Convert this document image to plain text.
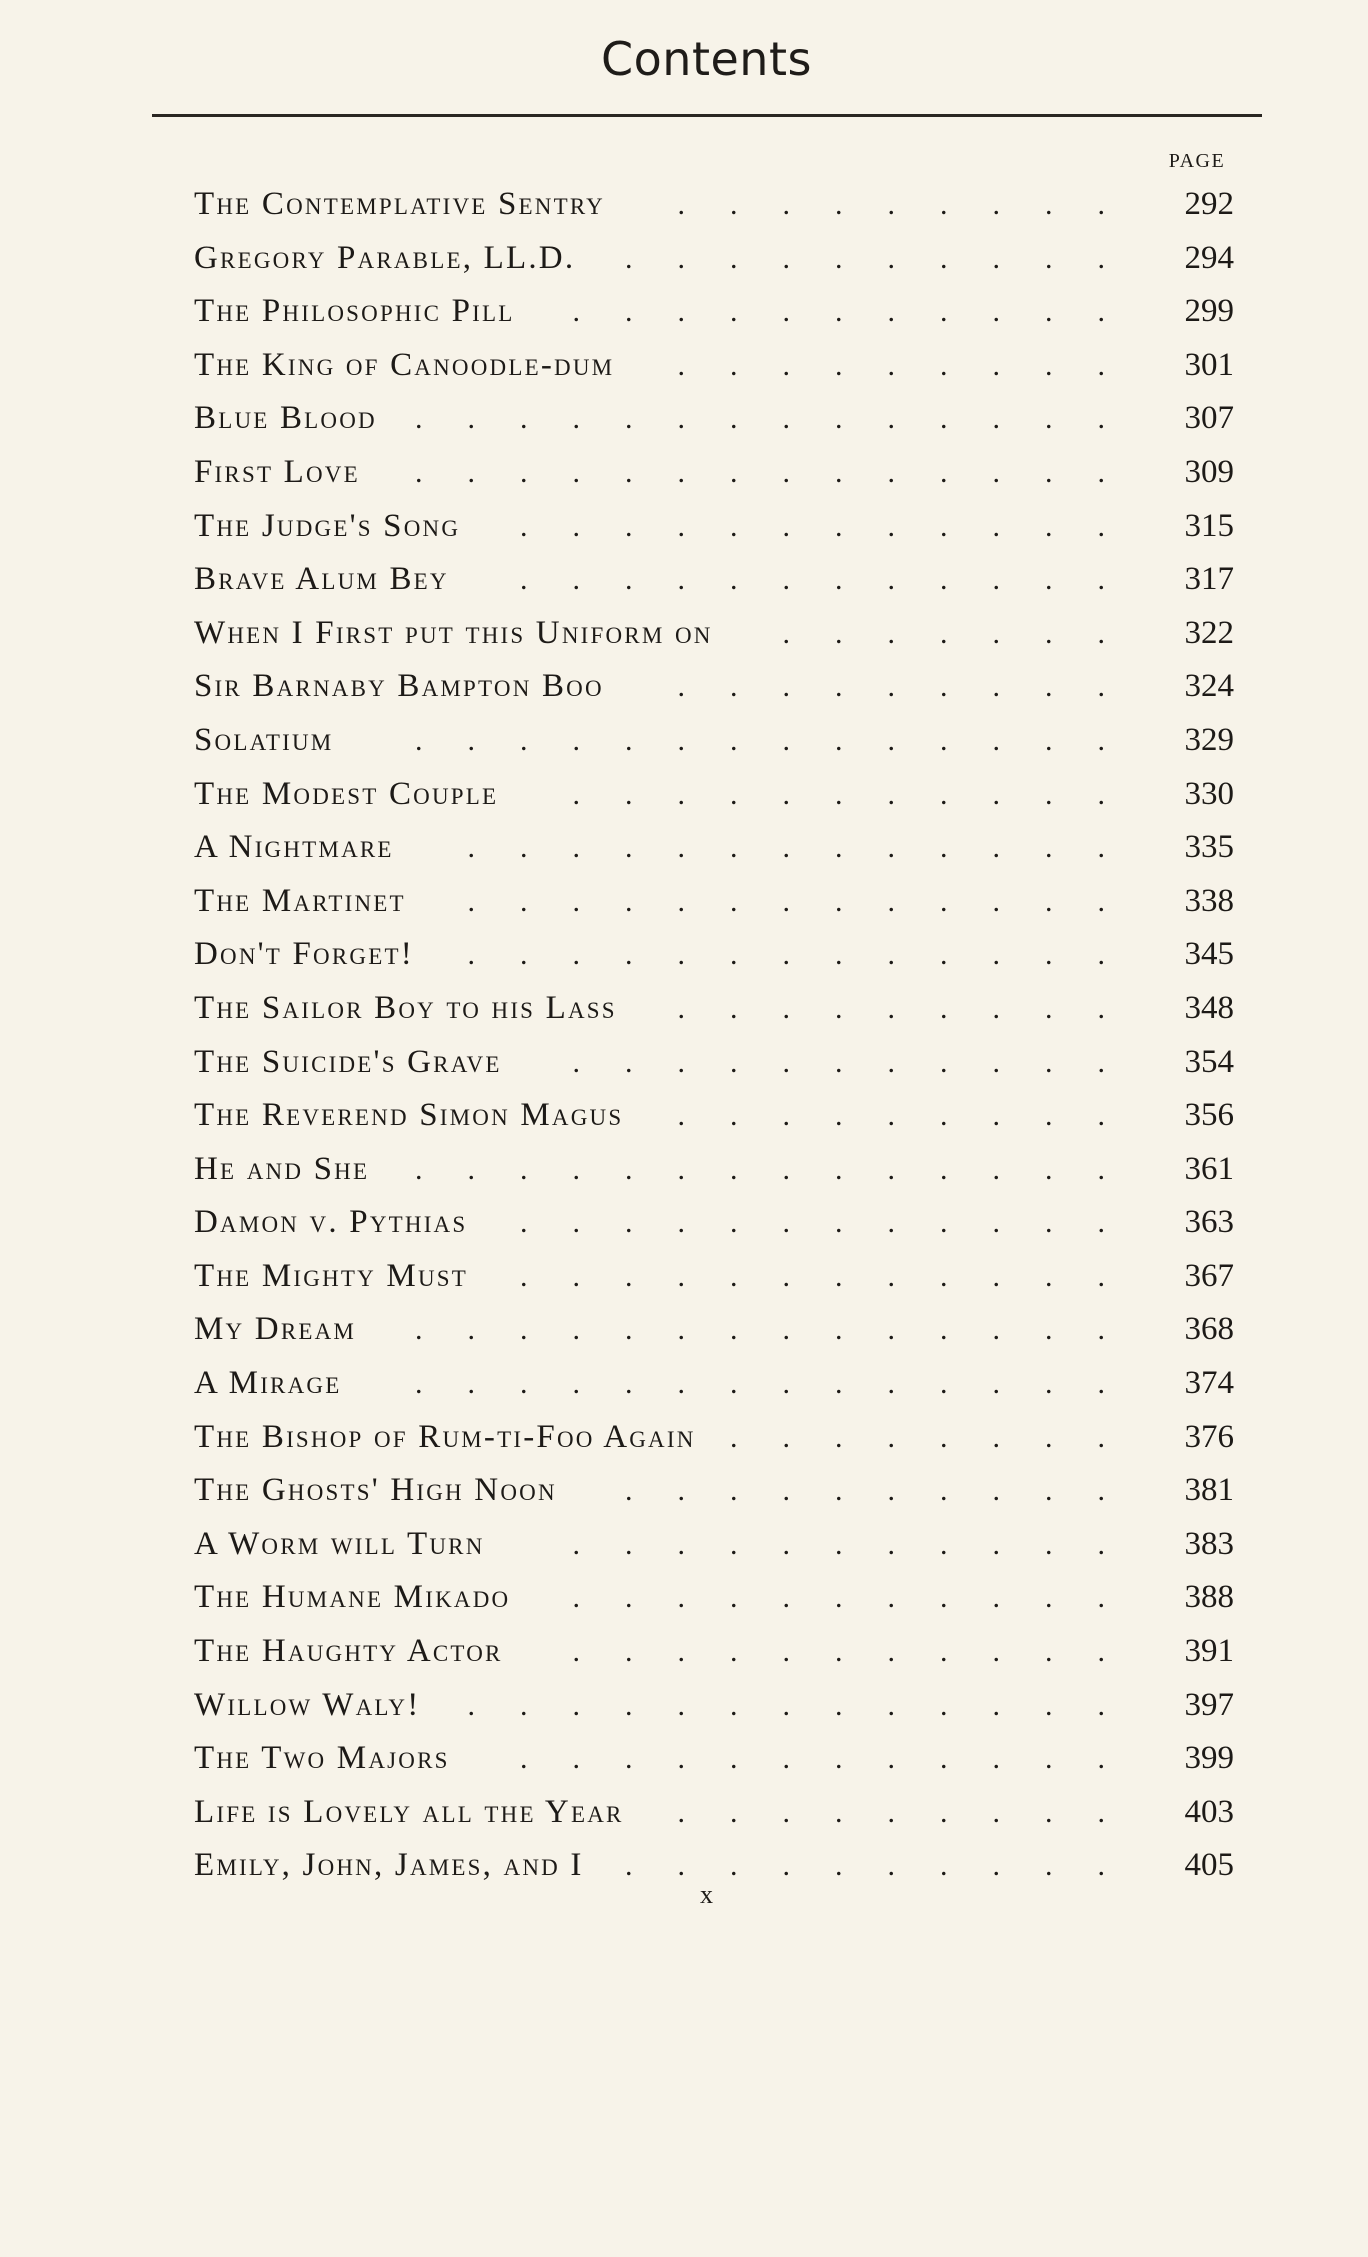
Contents
PAGE
The Contemplative Sentry .........	292
Gregory Parable, LL.D. ..........	294
The Philosophic Pill ...........	299
The King of Canoodle-dum .........	301
Blue Blood ..............	307
First Love ..............	309
The Judge's Song ............	315
Brave Alum Bey ............	317
When I First put this Uniform on .......	322
Sir Barnaby Bampton Boo .........	324
Solatium	..............	329
The Modest Couple ...........	330
A Nightmare .............	335
The Martinet .............	338
Don't Forget! .............	345
The Sailor Boy to his Lass .........	348
The Suicide's Grave ...........	354
The Reverend Simon Magus .........	356
He and She ..............	361
Damon v. Pythias ............	363
The Mighty Must ............	367
My Dream ..............	368
A Mirage ..............	374
The Bishop of Rum-ti-Foo Again ........	376
The Ghosts' High Noon ..........	381
A Worm will Turn	...........	383
The Humane Mikado ...........	388
The Haughty Actor ...........	391
Willow Waly! .............	397
The Two Majors ............	399
Life is Lovely all the Year .........	403
Emily, John, James, and I ..........	405
x
